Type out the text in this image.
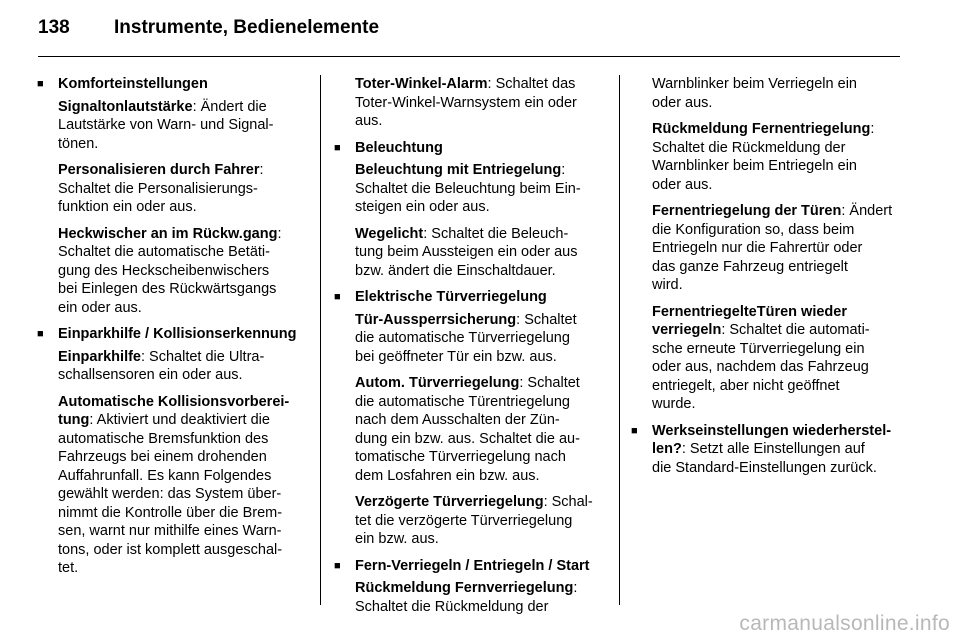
138 Instrumente, Bedienelemente

■ Komforteinstellungen

Signaltonlautstärke: Ändert die

Lautstärke von Warn- und Signal-

tönen.

Personalisieren durch Fahrer:

Schaltet die Personalisierungs-

funktion ein oder aus.

Heckwischer an im Rückw.gang:

Schaltet die automatische Betäti-

gung des Heckscheibenwischers

bei Einlegen des Rückwärtsgangs

ein oder aus.

■ Einparkhilfe / Kollisionserkennung

Einparkhilfe: Schaltet die Ultra-

schallsensoren ein oder aus.

Automatische Kollisionsvorberei-

tung: Aktiviert und deaktiviert die

automatische Bremsfunktion des

Fahrzeugs bei einem drohenden

Auffahrunfall. Es kann Folgendes

gewählt werden: das System über-

nimmt die Kontrolle über die Brem-

sen, warnt nur mithilfe eines Warn-

tons, oder ist komplett ausgeschal-

tet.

Toter-Winkel-Alarm: Schaltet das

Toter-Winkel-Warnsystem ein oder

aus.

■ Beleuchtung

Beleuchtung mit Entriegelung:

Schaltet die Beleuchtung beim Ein-

steigen ein oder aus.

Wegelicht: Schaltet die Beleuch-

tung beim Aussteigen ein oder aus

bzw. ändert die Einschaltdauer.

■ Elektrische Türverriegelung

Tür-Aussperrsicherung: Schaltet

die automatische Türverriegelung

bei geöffneter Tür ein bzw. aus.

Autom. Türverriegelung: Schaltet

die automatische Türentriegelung

nach dem Ausschalten der Zün-

dung ein bzw. aus. Schaltet die au-

tomatische Türverriegelung nach

dem Losfahren ein bzw. aus.

Verzögerte Türverriegelung: Schal-

tet die verzögerte Türverriegelung

ein bzw. aus.

■ Fern-Verriegeln / Entriegeln / Start

Rückmeldung Fernverriegelung:

Schaltet die Rückmeldung der

Warnblinker beim Verriegeln ein

oder aus.

Rückmeldung Fernentriegelung:

Schaltet die Rückmeldung der

Warnblinker beim Entriegeln ein

oder aus.

Fernentriegelung der Türen: Ändert

die Konfiguration so, dass beim

Entriegeln nur die Fahrertür oder

das ganze Fahrzeug entriegelt

wird.

FernentriegelteTüren wieder

verriegeln: Schaltet die automati-

sche erneute Türverriegelung ein

oder aus, nachdem das Fahrzeug

entriegelt, aber nicht geöffnet

wurde.

■ Werkseinstellungen wiederherstel-

len?: Setzt alle Einstellungen auf

die Standard-Einstellungen zurück.

carmanualsonline.info
